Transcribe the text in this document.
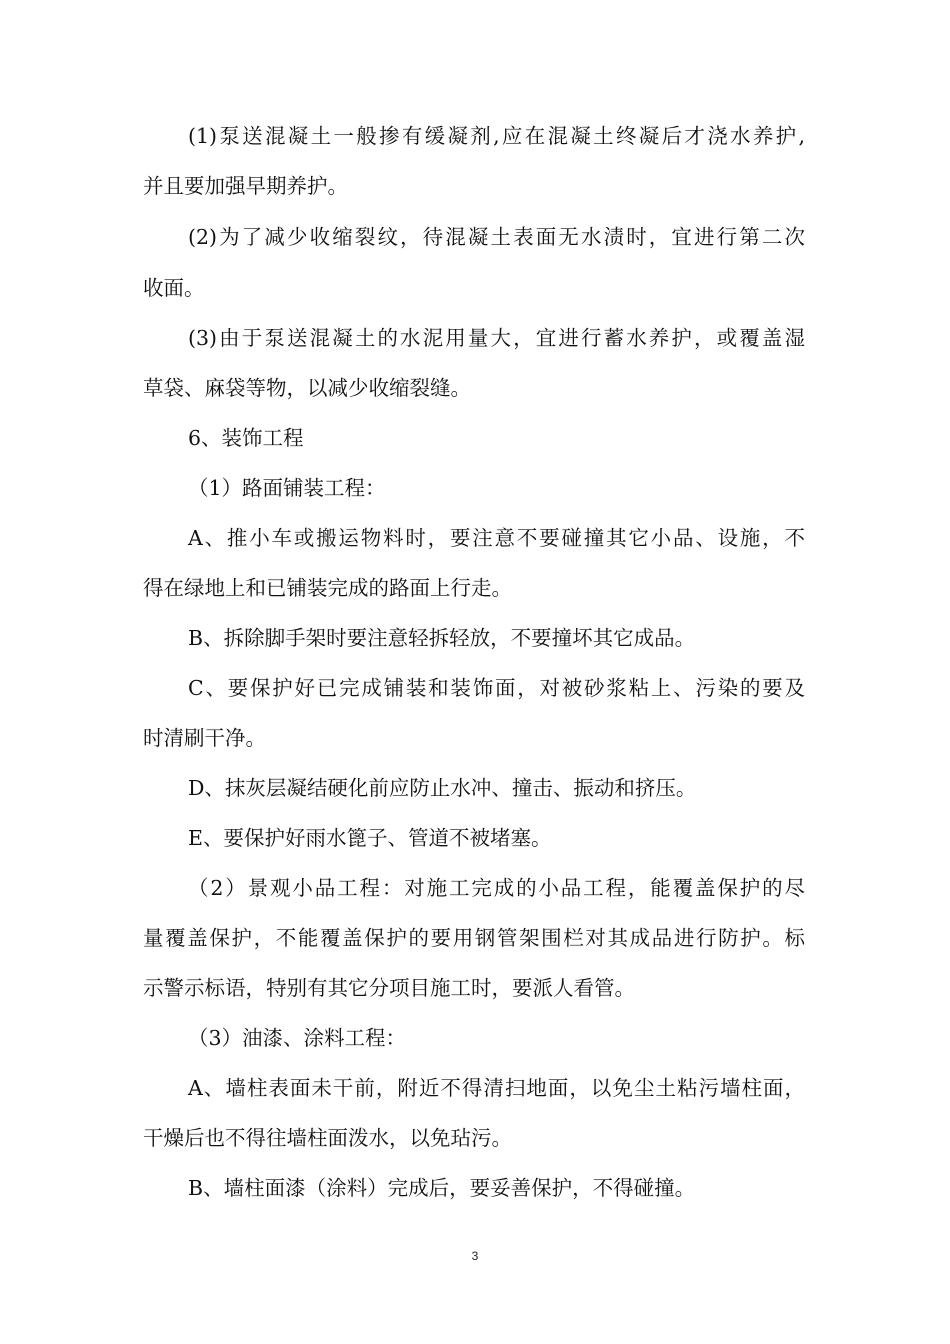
(1)泵送混凝土一般掺有缓凝剂,应在混凝土终凝后才浇水养护,
并且要加强早期养护。
(2)为了减少收缩裂纹，待混凝土表面无水渍时，宜进行第二次
收面。
(3)由于泵送混凝土的水泥用量大，宜进行蓄水养护，或覆盖湿
草袋、麻袋等物，以减少收缩裂缝。
6、装饰工程
（1）路面铺装工程：
A、推小车或搬运物料时，要注意不要碰撞其它小品、设施，不
得在绿地上和已铺装完成的路面上行走。
B、拆除脚手架时要注意轻拆轻放，不要撞坏其它成品。
C、要保护好已完成铺装和装饰面，对被砂浆粘上、污染的要及
时清刷干净。
D、抹灰层凝结硬化前应防止水冲、撞击、振动和挤压。
E、要保护好雨水篦子、管道不被堵塞。
（2）景观小品工程：对施工完成的小品工程，能覆盖保护的尽
量覆盖保护，不能覆盖保护的要用钢管架围栏对其成品进行防护。标
示警示标语，特别有其它分项目施工时，要派人看管。
（3）油漆、涂料工程：
A、墙柱表面未干前，附近不得清扫地面，以免尘土粘污墙柱面，
干燥后也不得往墙柱面泼水，以免玷污。
B、墙柱面漆（涂料）完成后，要妥善保护，不得碰撞。
3
